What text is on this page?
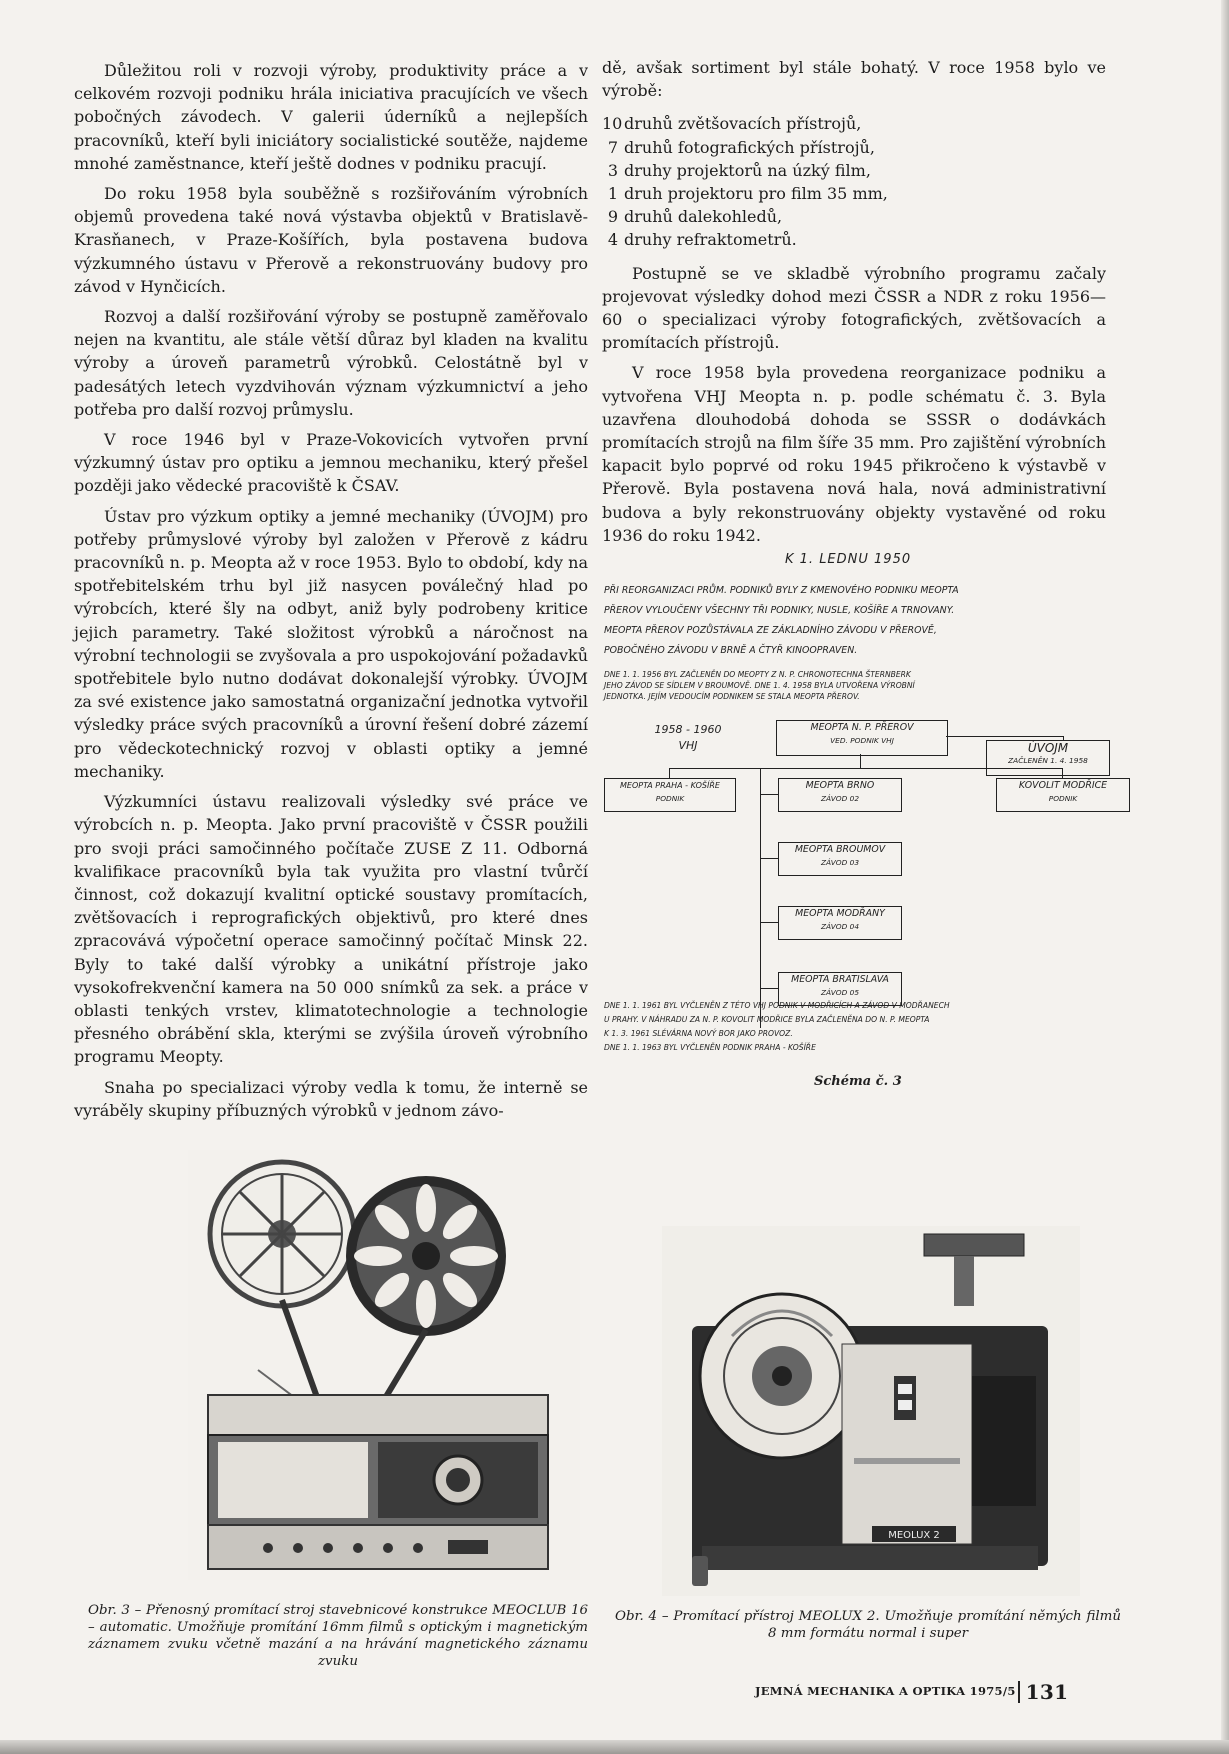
Důležitou roli v rozvoji výroby, produktivity práce a v celkovém rozvoji podniku hrála iniciativa pracujících ve všech pobočných závodech. V galerii úderníků a nejlepších pracovníků, kteří byli iniciátory socialistické soutěže, najdeme mnohé zaměstnance, kteří ještě dodnes v podniku pracují.

Do roku 1958 byla souběžně s rozšiřováním výrobních objemů provedena také nová výstavba objektů v Bratislavě-Krasňanech, v Praze-Košířích, byla postavena budova výzkumného ústavu v Přerově a rekonstruovány budovy pro závod v Hynčicích.

Rozvoj a další rozšiřování výroby se postupně zaměřovalo nejen na kvantitu, ale stále větší důraz byl kladen na kvalitu výroby a úroveň parametrů výrobků. Celostátně byl v padesátých letech vyzdvihován význam výzkumnictví a jeho potřeba pro další rozvoj průmyslu.

V roce 1946 byl v Praze-Vokovicích vytvořen první výzkumný ústav pro optiku a jemnou mechaniku, který přešel později jako vědecké pracoviště k ČSAV.

Ústav pro výzkum optiky a jemné mechaniky (ÚVOJM) pro potřeby průmyslové výroby byl založen v Přerově z kádru pracovníků n. p. Meopta až v roce 1953. Bylo to období, kdy na spotřebitelském trhu byl již nasycen poválečný hlad po výrobcích, které šly na odbyt, aniž byly podrobeny kritice jejich parametry. Také složitost výrobků a náročnost na výrobní technologii se zvyšovala a pro uspokojování požadavků spotřebitele bylo nutno dodávat dokonalejší výrobky. ÚVOJM za své existence jako samostatná organizační jednotka vytvořil výsledky práce svých pracovníků a úrovní řešení dobré zázemí pro vědeckotechnický rozvoj v oblasti optiky a jemné mechaniky.

Výzkumníci ústavu realizovali výsledky své práce ve výrobcích n. p. Meopta. Jako první pracoviště v ČSSR použili pro svoji práci samočinného počítače ZUSE Z 11. Odborná kvalifikace pracovníků byla tak využita pro vlastní tvůrčí činnost, což dokazují kvalitní optické soustavy promítacích, zvětšovacích i reprografických objektivů, pro které dnes zpracovává výpočetní operace samočinný počítač Minsk 22. Byly to také další výrobky a unikátní přístroje jako vysokofrekvenční kamera na 50 000 snímků za sek. a práce v oblasti tenkých vrstev, klimatotechnologie a technologie přesného obrábění skla, kterými se zvýšila úroveň výrobního programu Meopty.

Snaha po specializaci výroby vedla k tomu, že interně se vyráběly skupiny příbuzných výrobků v jednom závo-

dě, avšak sortiment byl stále bohatý. V roce 1958 bylo ve výrobě:

10 druhů zvětšovacích přístrojů,
7 druhů fotografických přístrojů,
3 druhy projektorů na úzký film,
1 druh projektoru pro film 35 mm,
9 druhů dalekohledů,
4 druhy refraktometrů.

Postupně se ve skladbě výrobního programu začaly projevovat výsledky dohod mezi ČSSR a NDR z roku 1956—60 o specializaci výroby fotografických, zvětšovacích a promítacích přístrojů.

V roce 1958 byla provedena reorganizace podniku a vytvořena VHJ Meopta n. p. podle schématu č. 3. Byla uzavřena dlouhodobá dohoda se SSSR o dodávkách promítacích strojů na film šíře 35 mm. Pro zajištění výrobních kapacit bylo poprvé od roku 1945 přikročeno k výstavbě v Přerově. Byla postavena nová hala, nová administrativní budova a byly rekonstruovány objekty vystavěné od roku 1936 do roku 1942.

K 1. LEDNU 1950
PŘI REORGANIZACI PRŮM. PODNIKŮ BYLY Z KMENOVÉHO PODNIKU MEOPTA
PŘEROV VYLOUČENY VŠECHNY TŘI PODNIKY, NUSLE, KOŠÍŘE A TRNOVANY.
MEOPTA PŘEROV POZŮSTÁVALA ZE ZÁKLADNÍHO ZÁVODU V PŘEROVĚ,
POBOČNÉHO ZÁVODU V BRNĚ A ČTYŘ KINOOPRAVEN.
DNE 1. 1. 1956 BYL ZAČLENĚN DO MEOPTY Z N. P. CHRONOTECHNA ŠTERNBERK
JEHO ZÁVOD SE SÍDLEM V BROUMOVĚ. DNE 1. 4. 1958 BYLA UTVOŘENA VÝROBNÍ
JEDNOTKA. JEJÍM VEDOUCÍM PODNIKEM SE STALA MEOPTA PŘEROV.
1958 - 1960
VHJ
MEOPTA N. P. PŘEROV
VED. PODNIK VHJ
ÚVOJM
ZAČLENĚN 1. 4. 1958
MEOPTA PRAHA - KOŠÍŘE
PODNIK
KOVOLIT MODŘICE
PODNIK
MEOPTA BRNO
ZÁVOD 02
MEOPTA BROUMOV
ZÁVOD 03
MEOPTA MODŘANY
ZÁVOD 04
MEOPTA BRATISLAVA
ZÁVOD 05
DNE 1. 1. 1961 BYL VYČLENĚN Z TÉTO VHJ PODNIK V MODŘICÍCH A ZÁVOD V MODŘANECH
U PRAHY. V NÁHRADU ZA N. P. KOVOLIT MODŘICE BYLA ZAČLENĚNA DO N. P. MEOPTA
K 1. 3. 1961 SLÉVÁRNA NOVÝ BOR JAKO PROVOZ.
DNE 1. 1. 1963 BYL VYČLENĚN PODNIK PRAHA - KOŠÍŘE
Schéma č. 3
Obr. 3 – Přenosný promítací stroj stavebnicové konstrukce MEOCLUB 16 – automatic. Umožňuje promítání 16mm filmů s optickým i magnetickým záznamem zvuku včetně mazání a na hrávání magnetického záznamu zvuku
MEOLUX 2
Obr. 4 – Promítací přístroj MEOLUX 2. Umožňuje promítání němých filmů 8 mm formátu normal i super
JEMNÁ MECHANIKA A OPTIKA 1975/5 131
